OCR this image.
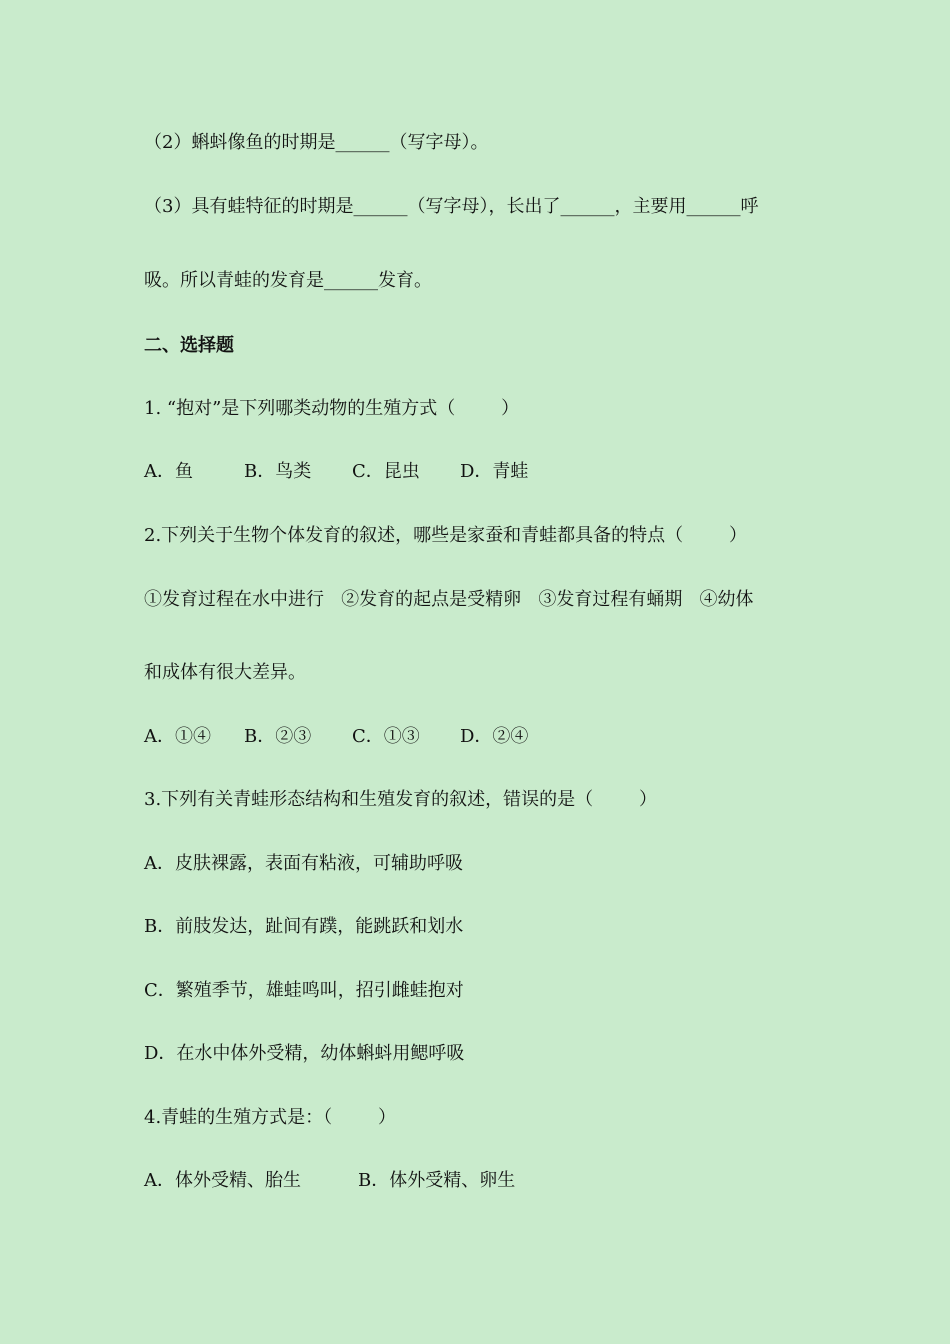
（2）蝌蚪像鱼的时期是______（写字母）。
（3）具有蛙特征的时期是______（写字母），长出了______，主要用______呼
吸。所以青蛙的发育是______发育。
二、选择题
1. “抱对”是下列哪类动物的生殖方式（        ）

A．鱼

	B．鸟类

C．昆虫

D．青蛙

2.下列关于生物个体发育的叙述，哪些是家蚕和青蛙都具备的特点（        ）
①发育过程在水中进行   ②发育的起点是受精卵   ③发育过程有蛹期   ④幼体
和成体有很大差异。

A．①④

B．②③

C．①③

D．②④

3.下列有关青蛙形态结构和生殖发育的叙述，错误的是（        ）
A．皮肤裸露，表面有粘液，可辅助呼吸
B．前肢发达，趾间有蹼，能跳跃和划水
C．繁殖季节，雄蛙鸣叫，招引雌蛙抱对
D．在水中体外受精，幼体蝌蚪用鳃呼吸
4.青蛙的生殖方式是：（        ）

A．体外受精、胎生

	B．体外受精、卵生
